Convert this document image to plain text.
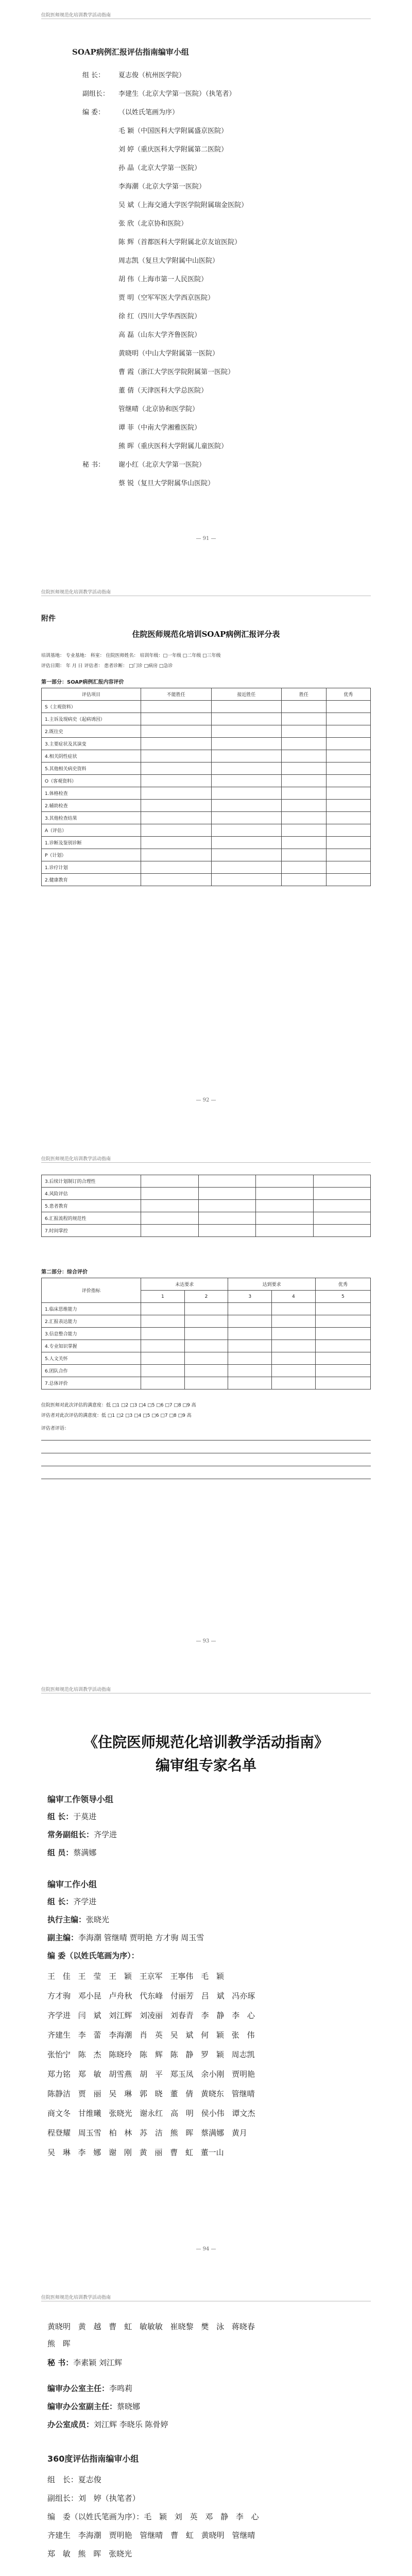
住院医师规范化培训教学活动指南
SOAP病例汇报评估指南编审小组
组 长： 夏志俊（杭州医学院）
副组长： 李建生（北京大学第一医院）（执笔者）
编 委： （以姓氏笔画为序）
毛 颖（中国医科大学附属盛京医院）
刘 婷（重庆医科大学附属第二医院）
孙 晶（北京大学第一医院）
李海潮（北京大学第一医院）
吴 斌（上海交通大学医学院附属瑞金医院）
张 欣（北京协和医院）
陈 辉（首都医科大学附属北京友谊医院）
周志凯（复旦大学附属中山医院）
胡 伟（上海市第一人民医院）
贾 明（空军军医大学西京医院）
徐 红（四川大学华西医院）
高 磊（山东大学齐鲁医院）
黄晓明（中山大学附属第一医院）
曹 霞（浙江大学医学院附属第一医院）
董 倩（天津医科大学总医院）
管继晴（北京协和医学院）
谭 菲（中南大学湘雅医院）
熊 晖（重庆医科大学附属儿童医院）
秘 书： 谢小红（北京大学第一医院）
蔡 锐（复旦大学附属华山医院）
— 91 —
住院医师规范化培训教学活动指南
附件
住院医师规范化培训SOAP病例汇报评分表
培训基地： 专业基地： 科室： 住院医师姓名： 培训年级：□一年级 □二年级 □三年级
评估日期： 年 月 日 评估者： 患者诊断： □门诊 □病房 □急诊
第一部分：SOAP病例汇报内容评价
评估项目	不能胜任	接近胜任	胜任	优秀
S（主观资料）				
1.主诉及现病史（起病诱因）				
2.既往史				
3.主要症状及其演变				
4.相关阴性症状				
5.其他相关病史资料				
O（客观资料）				
1.体格检查				
2.辅助检查				
3.其他检查结果				
A（评估）				
1.诊断及鉴别诊断				
P（计划）				
1.诊疗计划				
2.健康教育				
— 92 —
住院医师规范化培训教学活动指南
3.后续计划制订的合理性				
4.风险评估				
5.患者教育				
6.汇报流程的规范性				
7.时间掌控				
第二部分：综合评价
评价指标	未达要求		达到要求		优秀
	1	2	3	4	5
1.临床思维能力					
2.汇报表达能力					
3.信息整合能力					
4.专业知识掌握					
5.人文关怀					
6.团队合作					
7.总体评价					
住院医师对此次评估的满意度：低 □1 □2 □3 □4 □5 □6 □7 □8 □9 高
评估者对此次评估的满意度：低 □1 □2 □3 □4 □5 □6 □7 □8 □9 高
评估者评语：
— 93 —
住院医师规范化培训教学活动指南
《住院医师规范化培训教学活动指南》
编审组专家名单
编审工作领导小组
组 长：于莫进
常务副组长：齐学进
组 员：蔡满娜
编审工作小组
组 长：齐学进
执行主编：张晓光
副主编：李海潮 管继晴 贾明艳 方才驹 周玉雪
编 委（以姓氏笔画为序）：
王 佳 王 莹 王 颖 王京军 王寧伟 毛 颖
方才驹 邓小昆 卢舟秋 代东峰 付丽芳 吕 斌 冯亦琢
齐学进 闫 斌 刘江辉 刘凌丽 刘春青 李 静 李 心
齐建生 李 蕾 李海潮 肖 英 吴 斌 何 颖 张 伟
张怡宁 陈 杰 陈晓玲 陈 辉 陈 静 罗 颖 周志凯
郑力铭 郑 敏 胡雪燕 胡 平 郑玉凤 余小刚 贾明艳
陈静洁 贾 丽 吴 琳 郭 晓 董 倩 黄晓东 管继晴
商文冬 甘维曦 张晓光 谢永红 高 明 侯小伟 谭文杰
程登耀 周玉雪 柏 林 苏 洁 熊 晖 蔡满娜 黄月
吴 琳 李 娜 谢 刚 黄 丽 曹 虹 董一山
— 94 —
住院医师规范化培训教学活动指南
黄晓明 黄 越 曹 虹 敏敏敏 崔晓黎 樊 泳 蒋晓春
熊 晖
秘 书：李素颖 刘江辉
编审办公室主任：李鸣莉
编审办公室副主任：蔡晓娜
办公室成员：刘江辉 李晓乐 陈骨婷
360度评估指南编审小组
组 长：夏志俊
副组长：刘 婷（执笔者）
编 委（以姓氏笔画为序）：毛 颖 刘 英 邓 静 李 心
齐建生 李海潮 贾明艳 管继晴 曹 虹 黄晓明 管继晴
郑 敏 熊 晖 张晓光
